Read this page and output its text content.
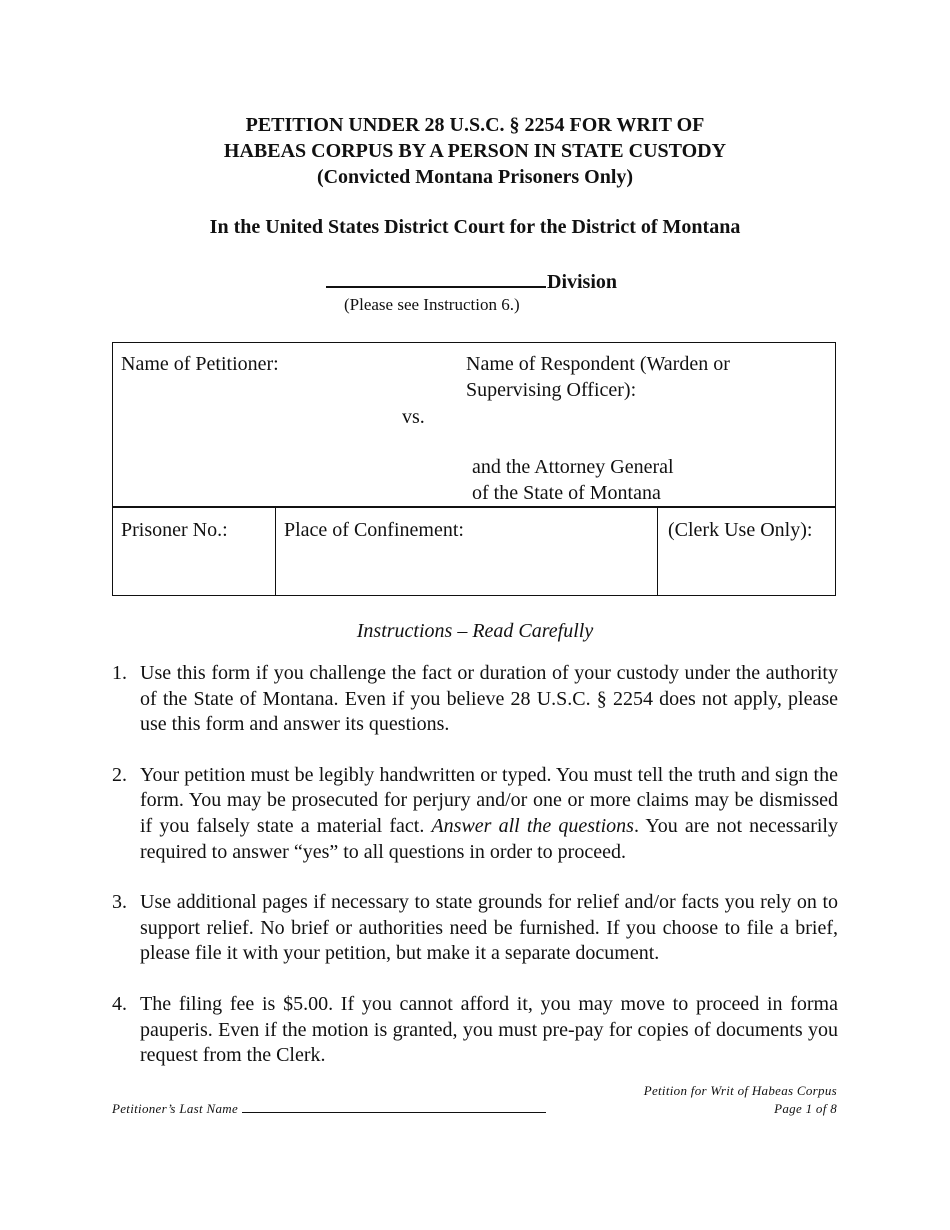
PETITION UNDER 28 U.S.C. § 2254 FOR WRIT OF
HABEAS CORPUS BY A PERSON IN STATE CUSTODY
(Convicted Montana Prisoners Only)
In the United States District Court for the District of Montana
Division
(Please see Instruction 6.)
Name of Petitioner:	Name of Respondent (Warden or
Supervising Officer):
vs.
and the Attorney General
of the State of Montana
Prisoner No.:	Place of Confinement:	(Clerk Use Only):
Instructions – Read Carefully
1. Use this form if you challenge the fact or duration of your custody under the authority of the State of Montana. Even if you believe 28 U.S.C. § 2254 does not apply, please use this form and answer its questions.
2. Your petition must be legibly handwritten or typed. You must tell the truth and sign the form. You may be prosecuted for perjury and/or one or more claims may be dismissed if you falsely state a material fact. Answer all the questions. You are not necessarily required to answer “yes” to all questions in order to proceed.
3. Use additional pages if necessary to state grounds for relief and/or facts you rely on to support relief. No brief or authorities need be furnished. If you choose to file a brief, please file it with your petition, but make it a separate document.
4. The filing fee is $5.00. If you cannot afford it, you may move to proceed in forma pauperis. Even if the motion is granted, you must pre-pay for copies of documents you request from the Clerk.
Petition for Writ of Habeas Corpus
Page 1 of 8
Petitioner’s Last Name
